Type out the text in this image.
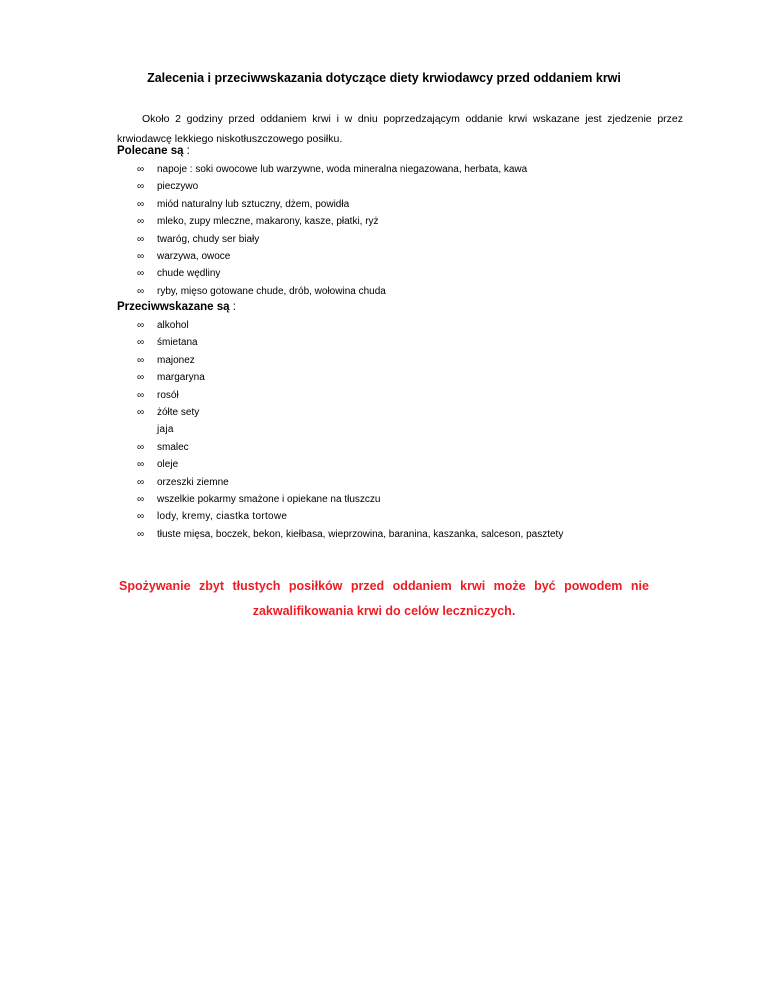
Zalecenia i przeciwwskazania dotyczące diety krwiodawcy przed oddaniem krwi
Około 2 godziny przed oddaniem krwi i w dniu poprzedzającym oddanie krwi wskazane jest zjedzenie przez
krwiodawcę lekkiego niskotłuszczowego posiłku.
Polecane są :
∞ napoje : soki owocowe lub warzywne, woda mineralna niegazowana, herbata, kawa
∞ pieczywo
∞ miód naturalny lub sztuczny, dżem, powidła
∞ mleko, zupy mleczne, makarony, kasze, płatki, ryż
∞ twaróg, chudy ser biały
∞ warzywa, owoce
∞ chude wędliny
∞ ryby, mięso gotowane chude, drób, wołowina chuda
Przeciwwskazane są :
∞ alkohol
∞ śmietana
∞ majonez
∞ margaryna
∞ rosół
∞ żółte sety
jaja
∞ smalec
∞ oleje
∞ orzeszki ziemne
∞ wszelkie pokarmy smażone i opiekane na tłuszczu
∞ lody, kremy, ciastka tortowe
∞ tłuste mięsa, boczek, bekon, kiełbasa, wieprzowina, baranina, kaszanka, salceson, pasztety
Spożywanie zbyt tłustych posiłków przed oddaniem krwi może być powodem nie
zakwalifikowania krwi do celów leczniczych.
